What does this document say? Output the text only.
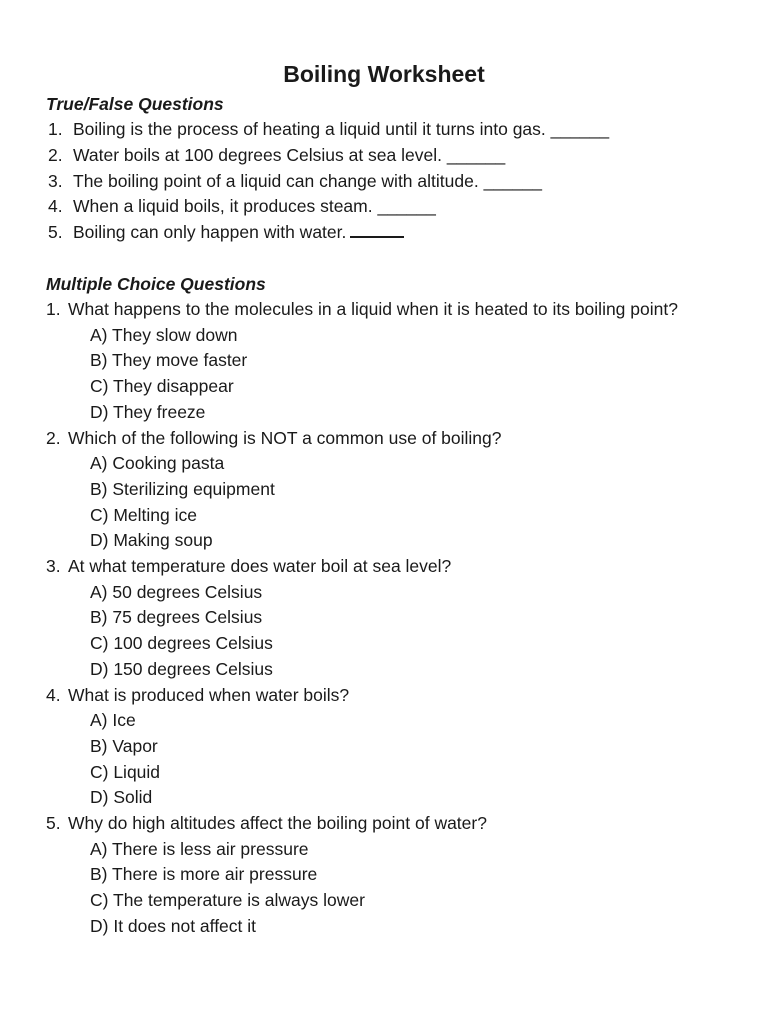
Boiling Worksheet
True/False Questions
1. Boiling is the process of heating a liquid until it turns into gas. ______
2. Water boils at 100 degrees Celsius at sea level. ______
3. The boiling point of a liquid can change with altitude. ______
4. When a liquid boils, it produces steam. ______
5. Boiling can only happen with water.
Multiple Choice Questions
1. What happens to the molecules in a liquid when it is heated to its boiling point?
A) They slow down
B) They move faster
C) They disappear
D) They freeze
2. Which of the following is NOT a common use of boiling?
A) Cooking pasta
B) Sterilizing equipment
C) Melting ice
D) Making soup
3. At what temperature does water boil at sea level?
A) 50 degrees Celsius
B) 75 degrees Celsius
C) 100 degrees Celsius
D) 150 degrees Celsius
4. What is produced when water boils?
A) Ice
B) Vapor
C) Liquid
D) Solid
5. Why do high altitudes affect the boiling point of water?
A) There is less air pressure
B) There is more air pressure
C) The temperature is always lower
D) It does not affect it
